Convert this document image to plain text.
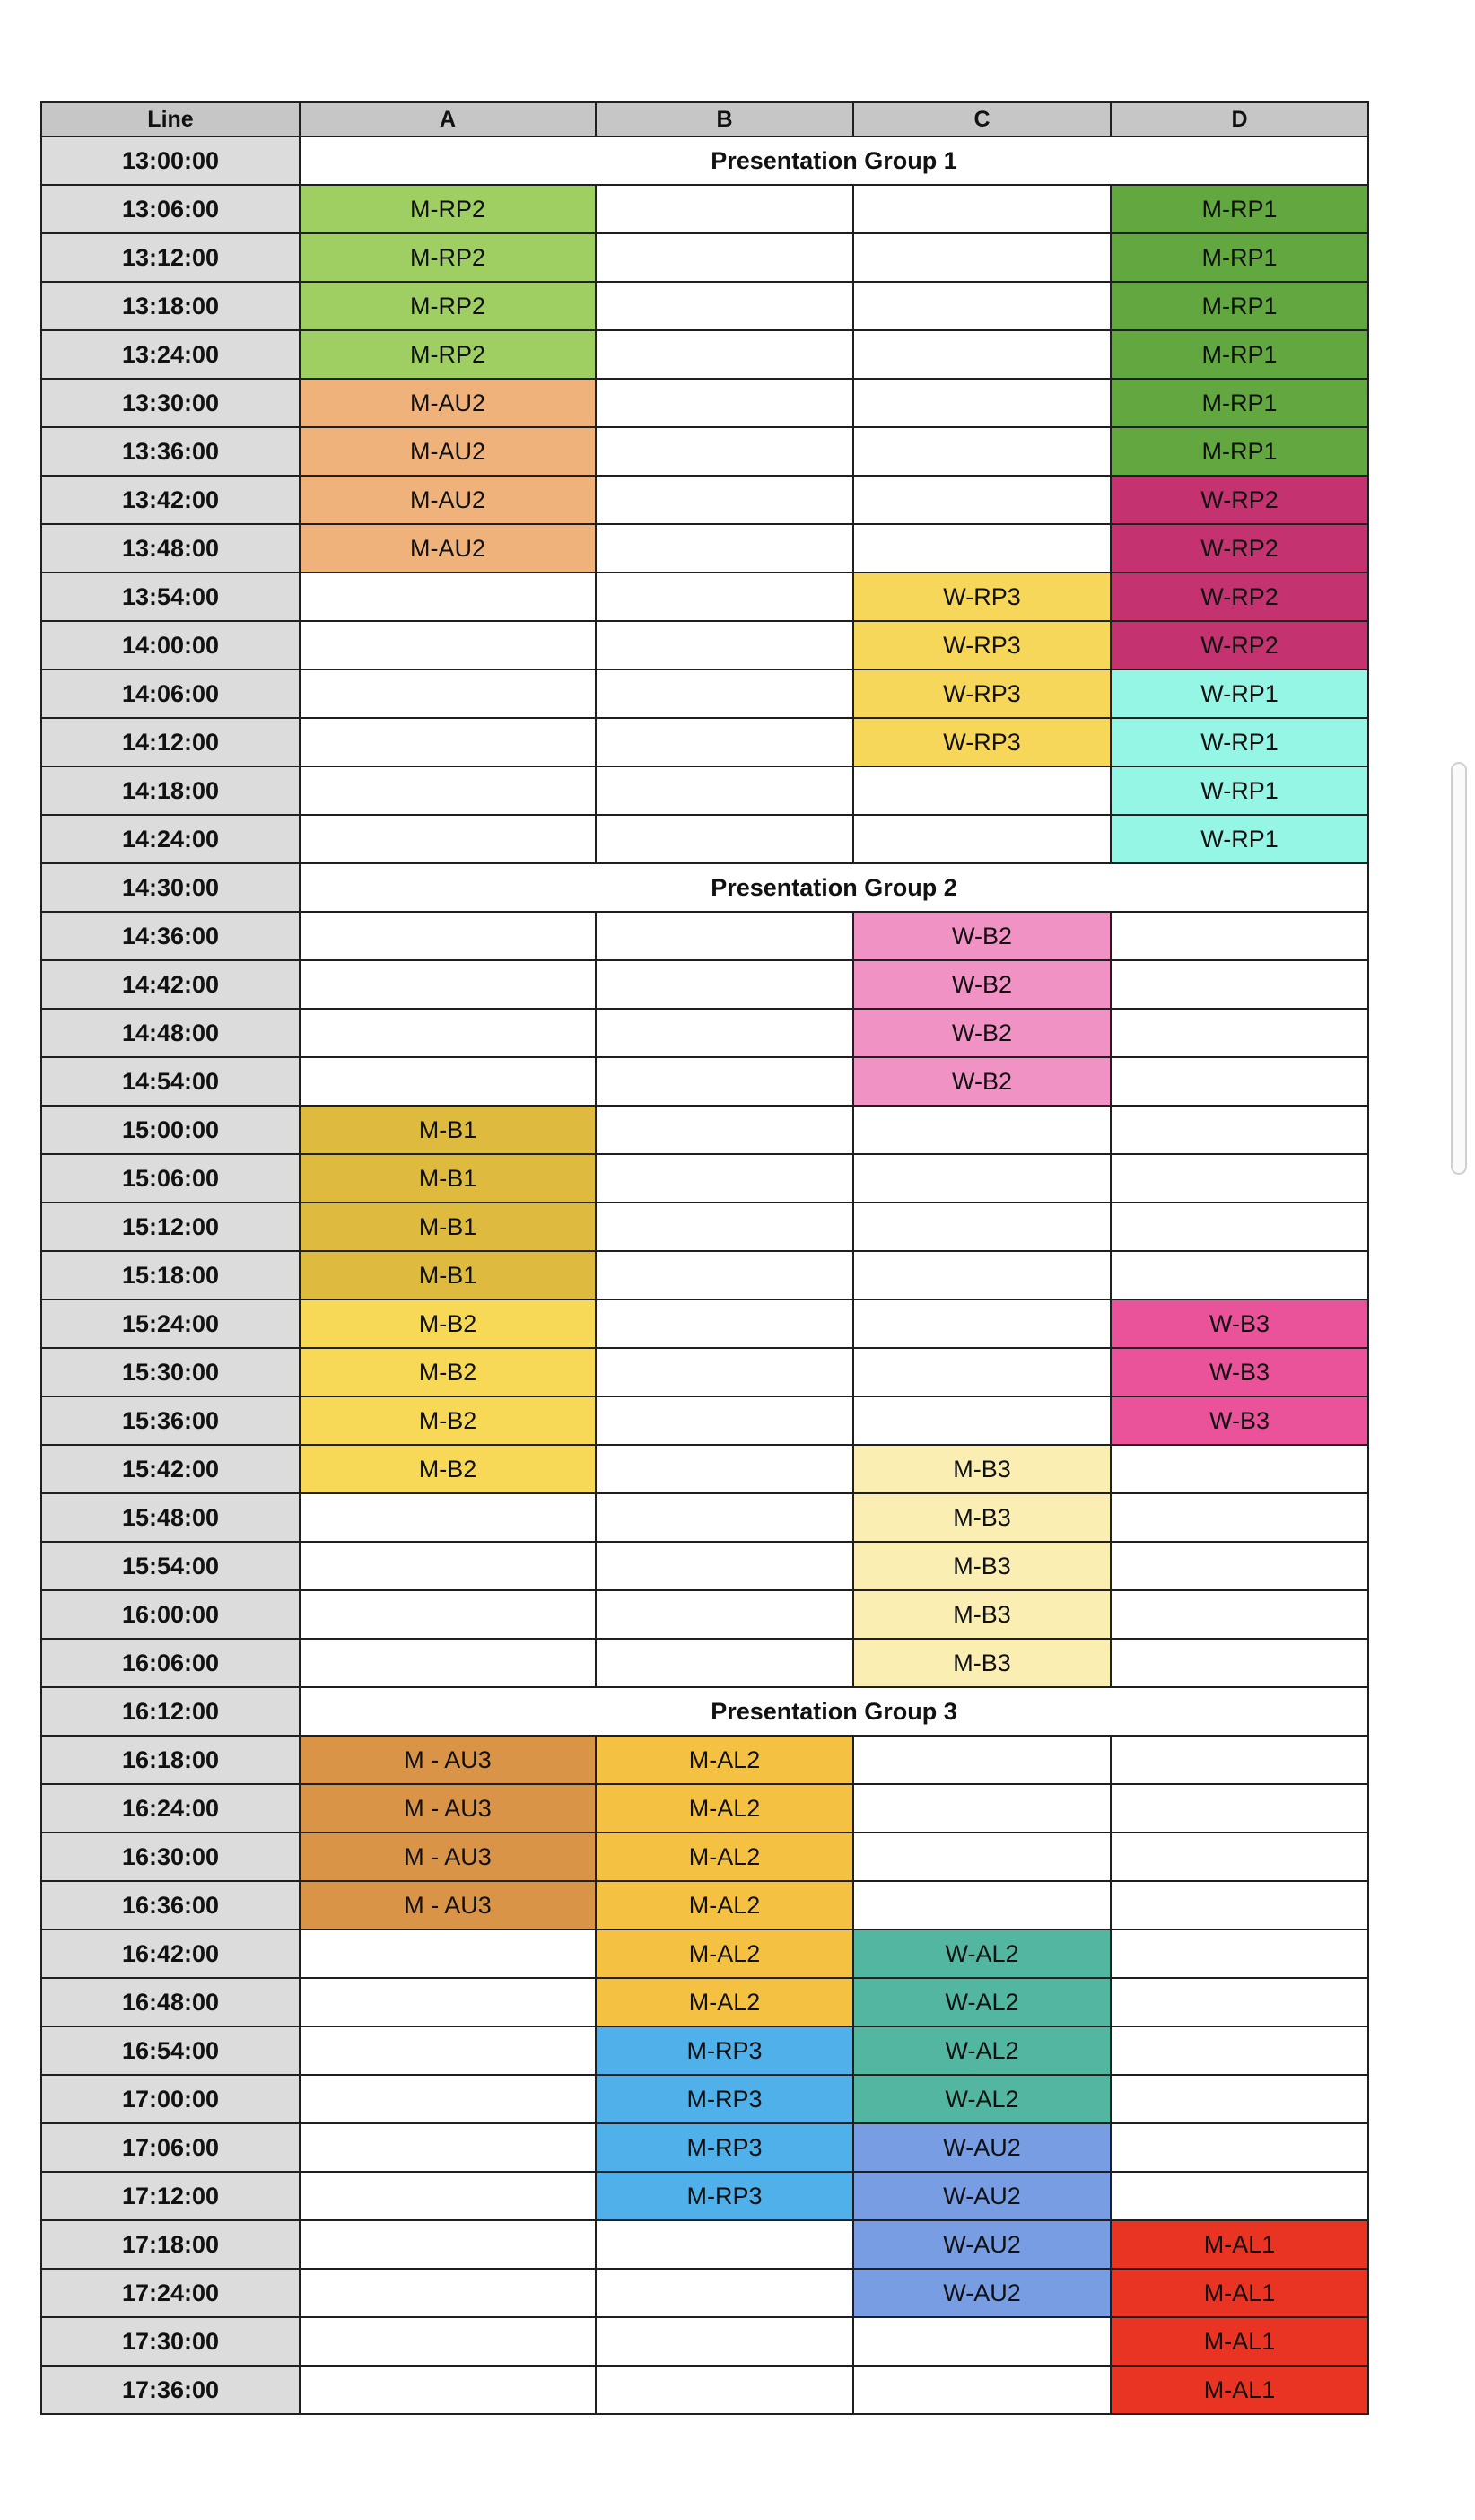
Line	A	B	C	D
13:00:00	Presentation Group 1			
13:06:00	M-RP2			M-RP1
13:12:00	M-RP2			M-RP1
13:18:00	M-RP2			M-RP1
13:24:00	M-RP2			M-RP1
13:30:00	M-AU2			M-RP1
13:36:00	M-AU2			M-RP1
13:42:00	M-AU2			W-RP2
13:48:00	M-AU2			W-RP2
13:54:00			W-RP3	W-RP2
14:00:00			W-RP3	W-RP2
14:06:00			W-RP3	W-RP1
14:12:00			W-RP3	W-RP1
14:18:00				W-RP1
14:24:00				W-RP1
14:30:00	Presentation Group 2			
14:36:00			W-B2	
14:42:00			W-B2	
14:48:00			W-B2	
14:54:00			W-B2	
15:00:00	M-B1			
15:06:00	M-B1			
15:12:00	M-B1			
15:18:00	M-B1			
15:24:00	M-B2			W-B3
15:30:00	M-B2			W-B3
15:36:00	M-B2			W-B3
15:42:00	M-B2		M-B3	
15:48:00			M-B3	
15:54:00			M-B3	
16:00:00			M-B3	
16:06:00			M-B3	
16:12:00	Presentation Group 3			
16:18:00	M - AU3	M-AL2		
16:24:00	M - AU3	M-AL2		
16:30:00	M - AU3	M-AL2		
16:36:00	M - AU3	M-AL2		
16:42:00		M-AL2	W-AL2	
16:48:00		M-AL2	W-AL2	
16:54:00		M-RP3	W-AL2	
17:00:00		M-RP3	W-AL2	
17:06:00		M-RP3	W-AU2	
17:12:00		M-RP3	W-AU2	
17:18:00			W-AU2	M-AL1
17:24:00			W-AU2	M-AL1
17:30:00				M-AL1
17:36:00				M-AL1
